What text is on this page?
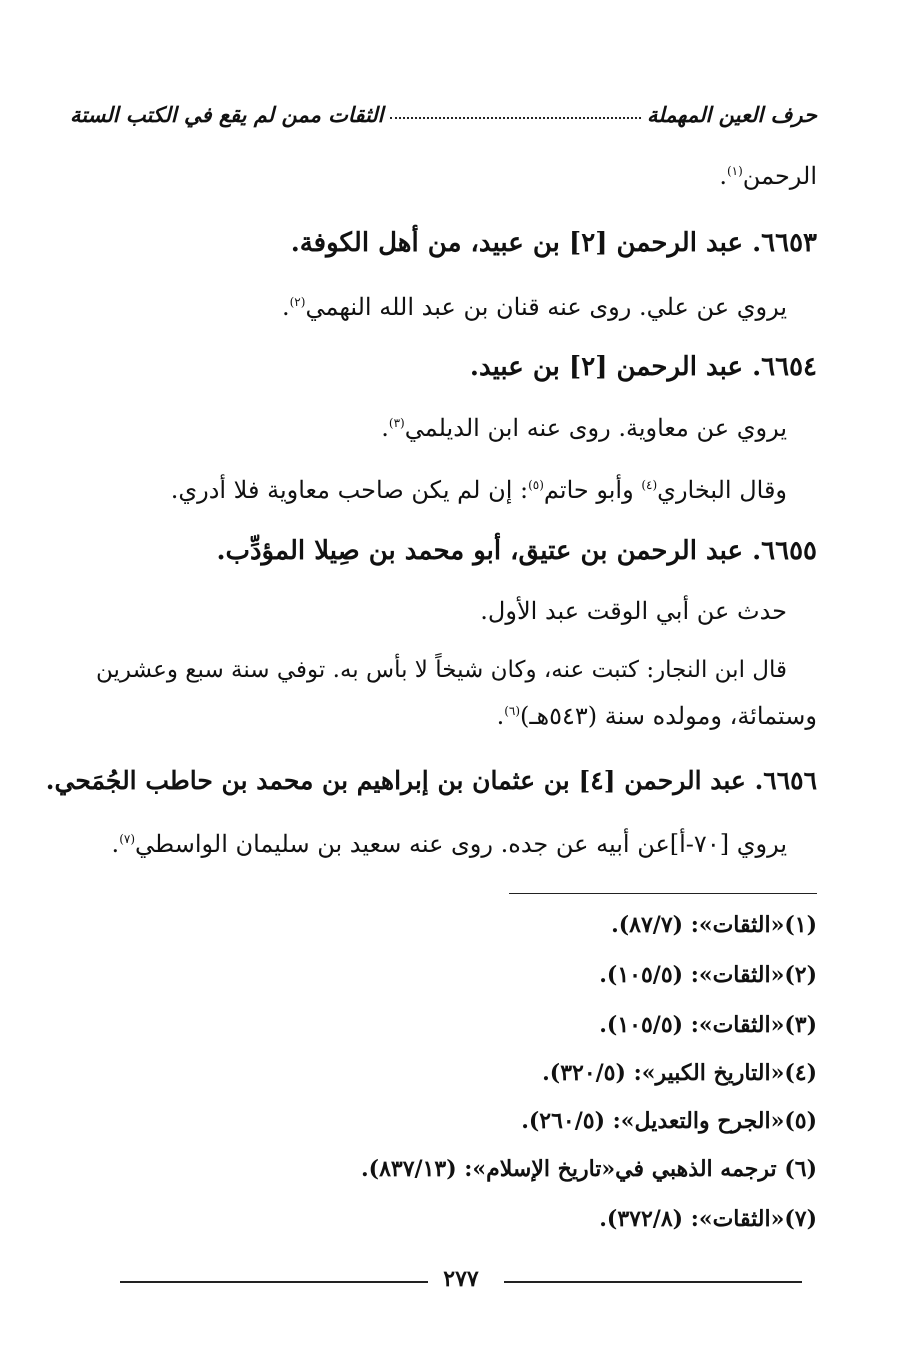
حرف العين المهملة
الثقات ممن لم يقع في الكتب الستة
الرحمن$^{(١)}$.
٦٦٥٣. عبد الرحمن [٢] بن عبيد، من أهل الكوفة.
يروي عن علي. روى عنه قنان بن عبد الله النهمي$^{(٢)}$.
٦٦٥٤. عبد الرحمن [٢] بن عبيد.
يروي عن معاوية. روى عنه ابن الديلمي$^{(٣)}$.
وقال البخاري$^{(٤)}$ وأبو حاتم$^{(٥)}$: إن لم يكن صاحب معاوية فلا أدري.
٦٦٥٥. عبد الرحمن بن عتيق، أبو محمد بن صِيلا المؤدِّب.
حدث عن أبي الوقت عبد الأول.
قال ابن النجار: كتبت عنه، وكان شيخاً لا بأس به. توفي سنة سبع وعشرين
وستمائة، ومولده سنة (٥٤٣هـ)$^{(٦)}$.
٦٦٥٦. عبد الرحمن [٤] بن عثمان بن إبراهيم بن محمد بن حاطب الجُمَحي.
يروي [٧٠-أ]عن أبيه عن جده. روى عنه سعيد بن سليمان الواسطي$^{(٧)}$.
(١)«الثقات»: (٨٧/٧).
(٢)«الثقات»: (١٠٥/٥).
(٣)«الثقات»: (١٠٥/٥).
(٤)«التاريخ الكبير»: (٣٢٠/٥).
(٥)«الجرح والتعديل»: (٢٦٠/٥).
(٦) ترجمه الذهبي في«تاريخ الإسلام»: (٨٣٧/١٣).
(٧)«الثقات»: (٣٧٢/٨).
٢٧٧
